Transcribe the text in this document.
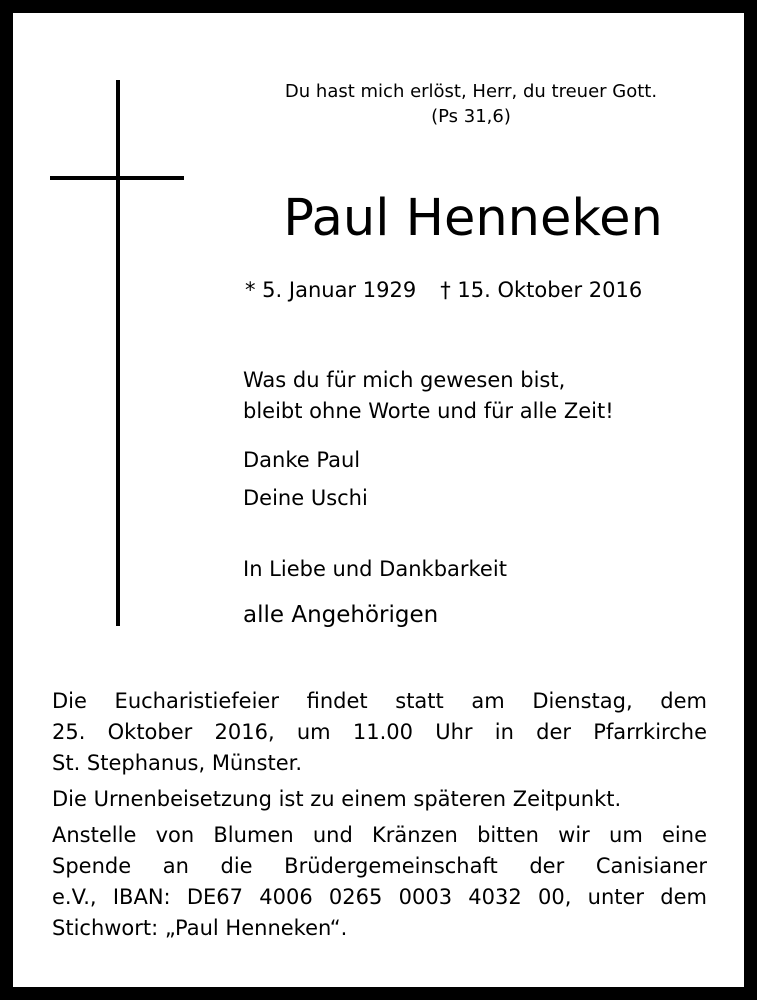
Du hast mich erlöst, Herr, du treuer Gott.
(Ps 31,6)
Paul Henneken
* 5. Januar 1929 † 15. Oktober 2016
Was du für mich gewesen bist,
bleibt ohne Worte und für alle Zeit!
Danke Paul
Deine Uschi
In Liebe und Dankbarkeit
alle Angehörigen
Die Eucharistiefeier findet statt am Dienstag, dem
25. Oktober 2016, um 11.00 Uhr in der Pfarrkirche
St. Stephanus, Münster.
Die Urnenbeisetzung ist zu einem späteren Zeitpunkt.
Anstelle von Blumen und Kränzen bitten wir um eine
Spende an die Brüdergemeinschaft der Canisianer
e.V., IBAN: DE67 4006 0265 0003 4032 00, unter dem
Stichwort: „Paul Henneken“.
